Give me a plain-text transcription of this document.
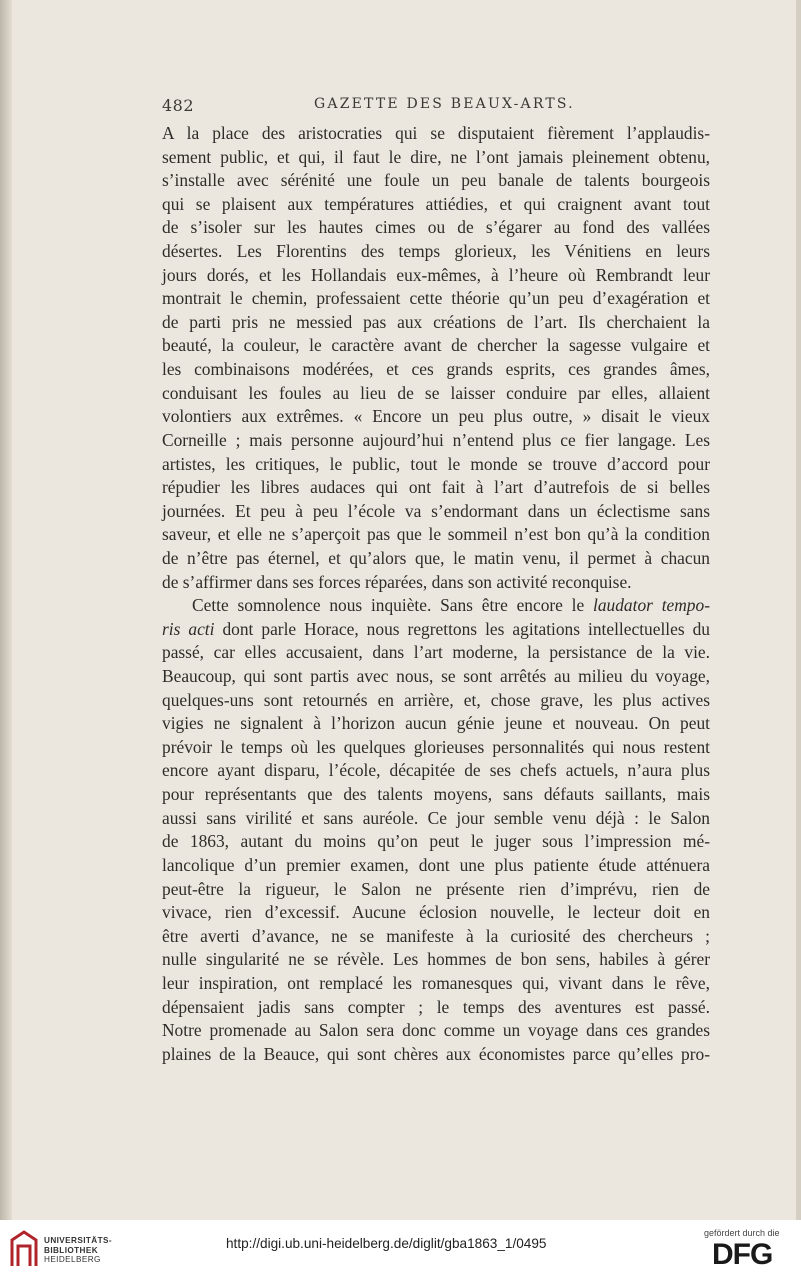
482	GAZETTE DES BEAUX-ARTS.
A la place des aristocraties qui se disputaient fièrement l’applaudis-
sement public, et qui, il faut le dire, ne l’ont jamais pleinement obtenu,
s’installe avec sérénité une foule un peu banale de talents bourgeois
qui se plaisent aux températures attiédies, et qui craignent avant tout
de s’isoler sur les hautes cimes ou de s’égarer au fond des vallées
désertes. Les Florentins des temps glorieux, les Vénitiens en leurs
jours dorés, et les Hollandais eux-mêmes, à l’heure où Rembrandt leur
montrait le chemin, professaient cette théorie qu’un peu d’exagération et
de parti pris ne messied pas aux créations de l’art. Ils cherchaient la
beauté, la couleur, le caractère avant de chercher la sagesse vulgaire et
les combinaisons modérées, et ces grands esprits, ces grandes âmes,
conduisant les foules au lieu de se laisser conduire par elles, allaient
volontiers aux extrêmes. « Encore un peu plus outre, » disait le vieux
Corneille ; mais personne aujourd’hui n’entend plus ce fier langage. Les
artistes, les critiques, le public, tout le monde se trouve d’accord pour
répudier les libres audaces qui ont fait à l’art d’autrefois de si belles
journées. Et peu à peu l’école va s’endormant dans un éclectisme sans
saveur, et elle ne s’aperçoit pas que le sommeil n’est bon qu’à la condition
de n’être pas éternel, et qu’alors que, le matin venu, il permet à chacun
de s’affirmer dans ses forces réparées, dans son activité reconquise.
Cette somnolence nous inquiète. Sans être encore le laudator tempo-
ris acti dont parle Horace, nous regrettons les agitations intellectuelles du
passé, car elles accusaient, dans l’art moderne, la persistance de la vie.
Beaucoup, qui sont partis avec nous, se sont arrêtés au milieu du voyage,
quelques-uns sont retournés en arrière, et, chose grave, les plus actives
vigies ne signalent à l’horizon aucun génie jeune et nouveau. On peut
prévoir le temps où les quelques glorieuses personnalités qui nous restent
encore ayant disparu, l’école, décapitée de ses chefs actuels, n’aura plus
pour représentants que des talents moyens, sans défauts saillants, mais
aussi sans virilité et sans auréole. Ce jour semble venu déjà : le Salon
de 1863, autant du moins qu’on peut le juger sous l’impression mé-
lancolique d’un premier examen, dont une plus patiente étude atténuera
peut-être la rigueur, le Salon ne présente rien d’imprévu, rien de
vivace, rien d’excessif. Aucune éclosion nouvelle, le lecteur doit en
être averti d’avance, ne se manifeste à la curiosité des chercheurs ;
nulle singularité ne se révèle. Les hommes de bon sens, habiles à gérer
leur inspiration, ont remplacé les romanesques qui, vivant dans le rêve,
dépensaient jadis sans compter ; le temps des aventures est passé.
Notre promenade au Salon sera donc comme un voyage dans ces grandes
plaines de la Beauce, qui sont chères aux économistes parce qu’elles pro-
UNIVERSITÄTS-
BIBLIOTHEK
HEIDELBERG
http://digi.ub.uni-heidelberg.de/diglit/gba1863_1/0495
gefördert durch die
DFG
